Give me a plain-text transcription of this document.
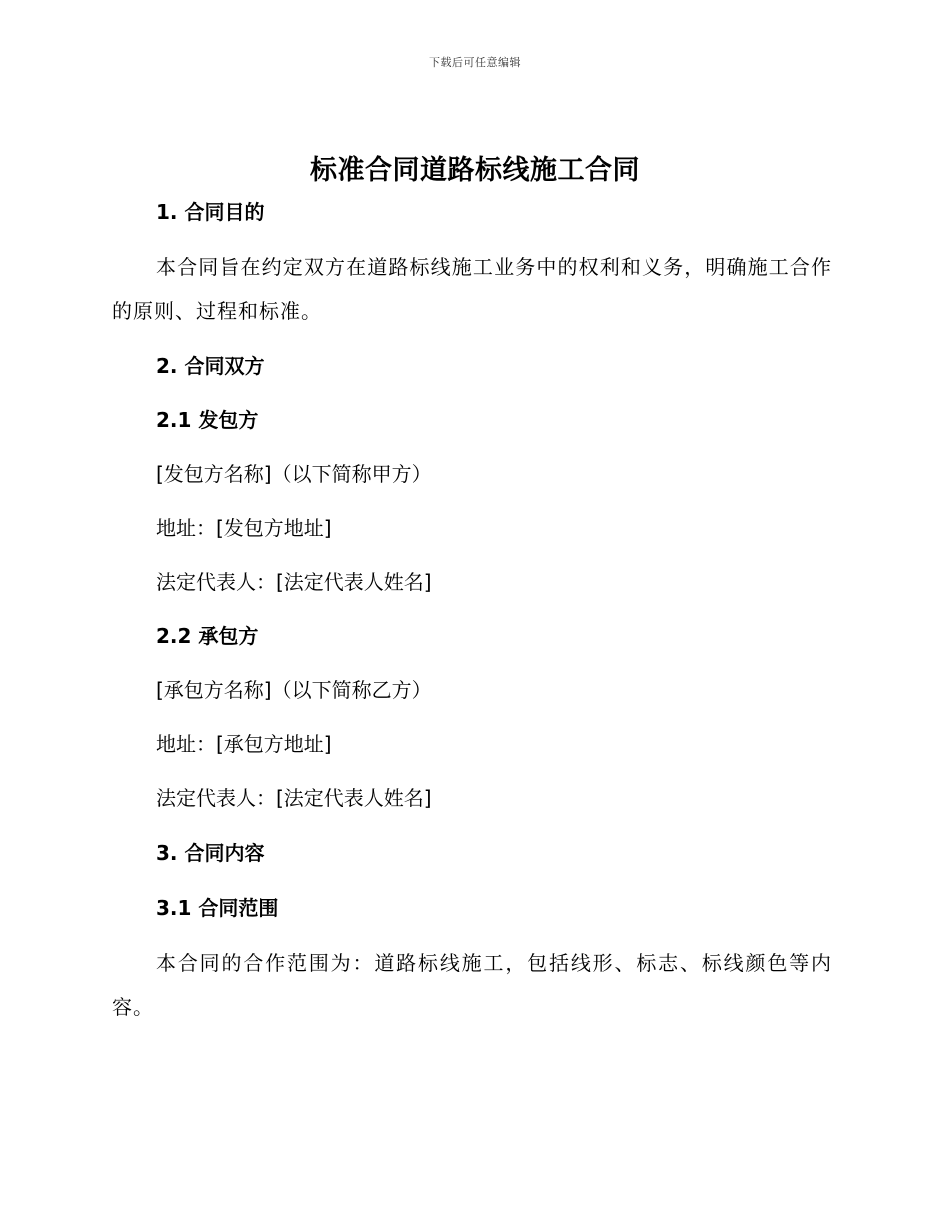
下载后可任意编辑
标准合同道路标线施工合同
1. 合同目的
本合同旨在约定双方在道路标线施工业务中的权利和义务，明确施工合作的原则、过程和标准。
2. 合同双方
2.1 发包方
[发包方名称]（以下简称甲方）
地址：[发包方地址]
法定代表人：[法定代表人姓名]
2.2 承包方
[承包方名称]（以下简称乙方）
地址：[承包方地址]
法定代表人：[法定代表人姓名]
3. 合同内容
3.1 合同范围
本合同的合作范围为：道路标线施工，包括线形、标志、标线颜色等内容。
